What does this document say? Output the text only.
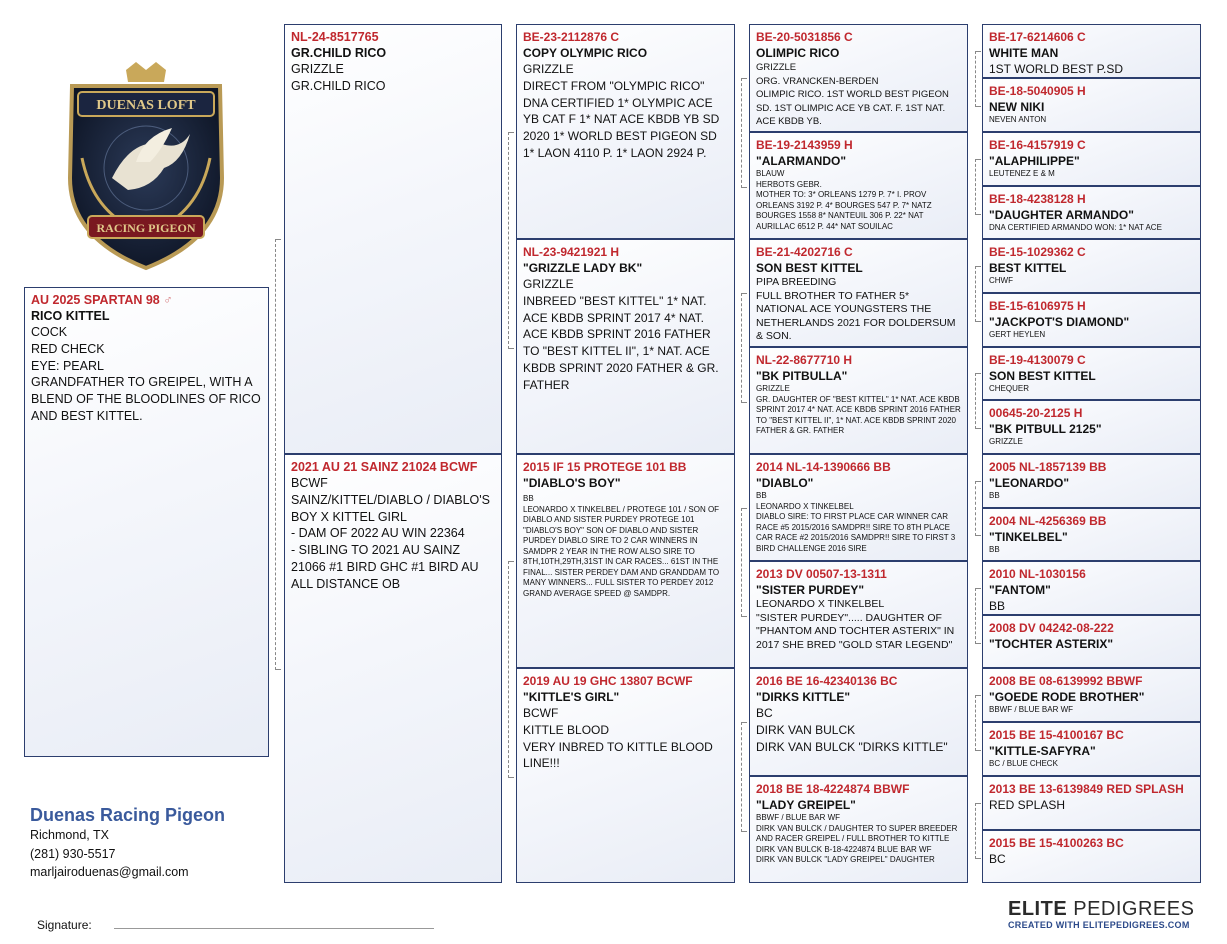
DUENAS LOFT
RACING PIGEON
AU 2025 SPARTAN 98 ♂
RICO KITTEL
COCK
RED CHECK
EYE: PEARL
GRANDFATHER TO GREIPEL, WITH A BLEND OF THE BLOODLINES OF RICO AND BEST KITTEL.
NL-24-8517765
GR.CHILD RICO
GRIZZLE
GR.CHILD RICO
2021 AU 21 SAINZ 21024 BCWF
BCWF
SAINZ/KITTEL/DIABLO / DIABLO'S BOY X KITTEL GIRL
- DAM OF 2022 AU WIN 22364
- SIBLING TO 2021 AU SAINZ 21066 #1 BIRD GHC #1 BIRD AU ALL DISTANCE OB
BE-23-2112876 C
COPY OLYMPIC RICO
GRIZZLE
DIRECT FROM "OLYMPIC RICO"
DNA CERTIFIED 1* OLYMPIC ACE YB CAT F 1* NAT ACE KBDB YB SD 2020 1* WORLD BEST PIGEON SD 1* LAON 4110 P. 1* LAON 2924 P.
NL-23-9421921 H
"GRIZZLE LADY BK"
GRIZZLE
INBREED "BEST KITTEL" 1* NAT. ACE KBDB SPRINT 2017 4* NAT. ACE KBDB SPRINT 2016 FATHER TO "BEST KITTEL II", 1* NAT. ACE KBDB SPRINT 2020 FATHER & GR. FATHER
2015 IF 15 PROTEGE 101 BB
"DIABLO'S BOY"
BB
LEONARDO X TINKELBEL / PROTEGE 101 / SON OF DIABLO AND SISTER PURDEY PROTEGE 101 "DIABLO'S BOY" SON OF DIABLO AND SISTER PURDEY DIABLO SIRE TO 2 CAR WINNERS IN SAMDPR 2 YEAR IN THE ROW ALSO SIRE TO 8TH,10TH,29TH,31ST IN CAR RACES... 61ST IN THE FINAL... SISTER PERDEY DAM AND GRANDDAM TO MANY WINNERS... FULL SISTER TO PERDEY 2012 GRAND AVERAGE SPEED @ SAMDPR.
2019 AU 19 GHC 13807 BCWF
"KITTLE'S GIRL"
BCWF
KITTLE BLOOD
VERY INBRED TO KITTLE BLOOD LINE!!!
BE-20-5031856 C
OLIMPIC RICO
GRIZZLE
ORG. VRANCKEN-BERDEN
OLIMPIC RICO. 1ST WORLD BEST PIGEON SD. 1ST OLIMPIC ACE YB CAT. F. 1ST NAT. ACE KBDB YB.
BE-19-2143959 H
"ALARMANDO"
BLAUW
HERBOTS GEBR.
MOTHER TO: 3* ORLEANS 1279 P. 7* I. PROV ORLEANS 3192 P. 4* BOURGES 547 P. 7* NATZ BOURGES 1558 8* NANTEUIL 306 P. 22* NAT AURILLAC 6512 P. 44* NAT SOUILAC
BE-21-4202716 C
SON BEST KITTEL
PIPA BREEDING
FULL BROTHER TO FATHER 5* NATIONAL ACE YOUNGSTERS THE NETHERLANDS 2021 FOR DOLDERSUM & SON.
NL-22-8677710 H
"BK PITBULLA"
GRIZZLE
GR. DAUGHTER OF "BEST KITTEL" 1* NAT. ACE KBDB SPRINT 2017 4* NAT. ACE KBDB SPRINT 2016 FATHER TO "BEST KITTEL II", 1* NAT. ACE KBDB SPRINT 2020 FATHER & GR. FATHER
2014 NL-14-1390666 BB
"DIABLO"
BB
LEONARDO X TINKELBEL
DIABLO SIRE: TO FIRST PLACE CAR WINNER CAR RACE #5 2015/2016 SAMDPR!! SIRE TO 8TH PLACE CAR RACE #2 2015/2016 SAMDPR!! SIRE TO FIRST 3 BIRD CHALLENGE 2016 SIRE
2013 DV 00507-13-1311
"SISTER PURDEY"
LEONARDO X TINKELBEL
"SISTER PURDEY"..... DAUGHTER OF "PHANTOM AND TOCHTER ASTERIX" IN 2017 SHE BRED "GOLD STAR LEGEND"
2016 BE 16-42340136 BC
"DIRKS KITTLE"
BC
DIRK VAN BULCK
DIRK VAN BULCK "DIRKS KITTLE"
2018 BE 18-4224874 BBWF
"LADY GREIPEL"
BBWF / BLUE BAR WF
DIRK VAN BULCK / DAUGHTER TO SUPER BREEDER AND RACER GREIPEL / FULL BROTHER TO KITTLE
DIRK VAN BULCK B-18-4224874 BLUE BAR WF
DIRK VAN BULCK "LADY GREIPEL" DAUGHTER
BE-17-6214606 C
WHITE MAN
1ST WORLD BEST P.SD
BE-18-5040905 H
NEW NIKI
NEVEN ANTON
BE-16-4157919 C
"ALAPHILIPPE"
LEUTENEZ E & M
BE-18-4238128 H
"DAUGHTER ARMANDO"
DNA CERTIFIED ARMANDO WON: 1* NAT ACE
BE-15-1029362 C
BEST KITTEL
CHWF
BE-15-6106975 H
"JACKPOT'S DIAMOND"
GERT HEYLEN
BE-19-4130079 C
SON BEST KITTEL
CHEQUER
00645-20-2125 H
"BK PITBULL 2125"
GRIZZLE
2005 NL-1857139 BB
"LEONARDO"
BB
2004 NL-4256369 BB
"TINKELBEL"
BB
2010 NL-1030156
"FANTOM"
BB
2008 DV 04242-08-222
"TOCHTER ASTERIX"
2008 BE 08-6139992 BBWF
"GOEDE RODE BROTHER"
BBWF / BLUE BAR WF
2015 BE 15-4100167 BC
"KITTLE-SAFYRA"
BC / BLUE CHECK
2013 BE 13-6139849 RED SPLASH
RED SPLASH
2015 BE 15-4100263 BC
BC
Duenas Racing Pigeon
Richmond, TX
(281) 930-5517
marljairoduenas@gmail.com
Signature:
ELITE PEDIGREES
CREATED WITH ELITEPEDIGREES.COM
